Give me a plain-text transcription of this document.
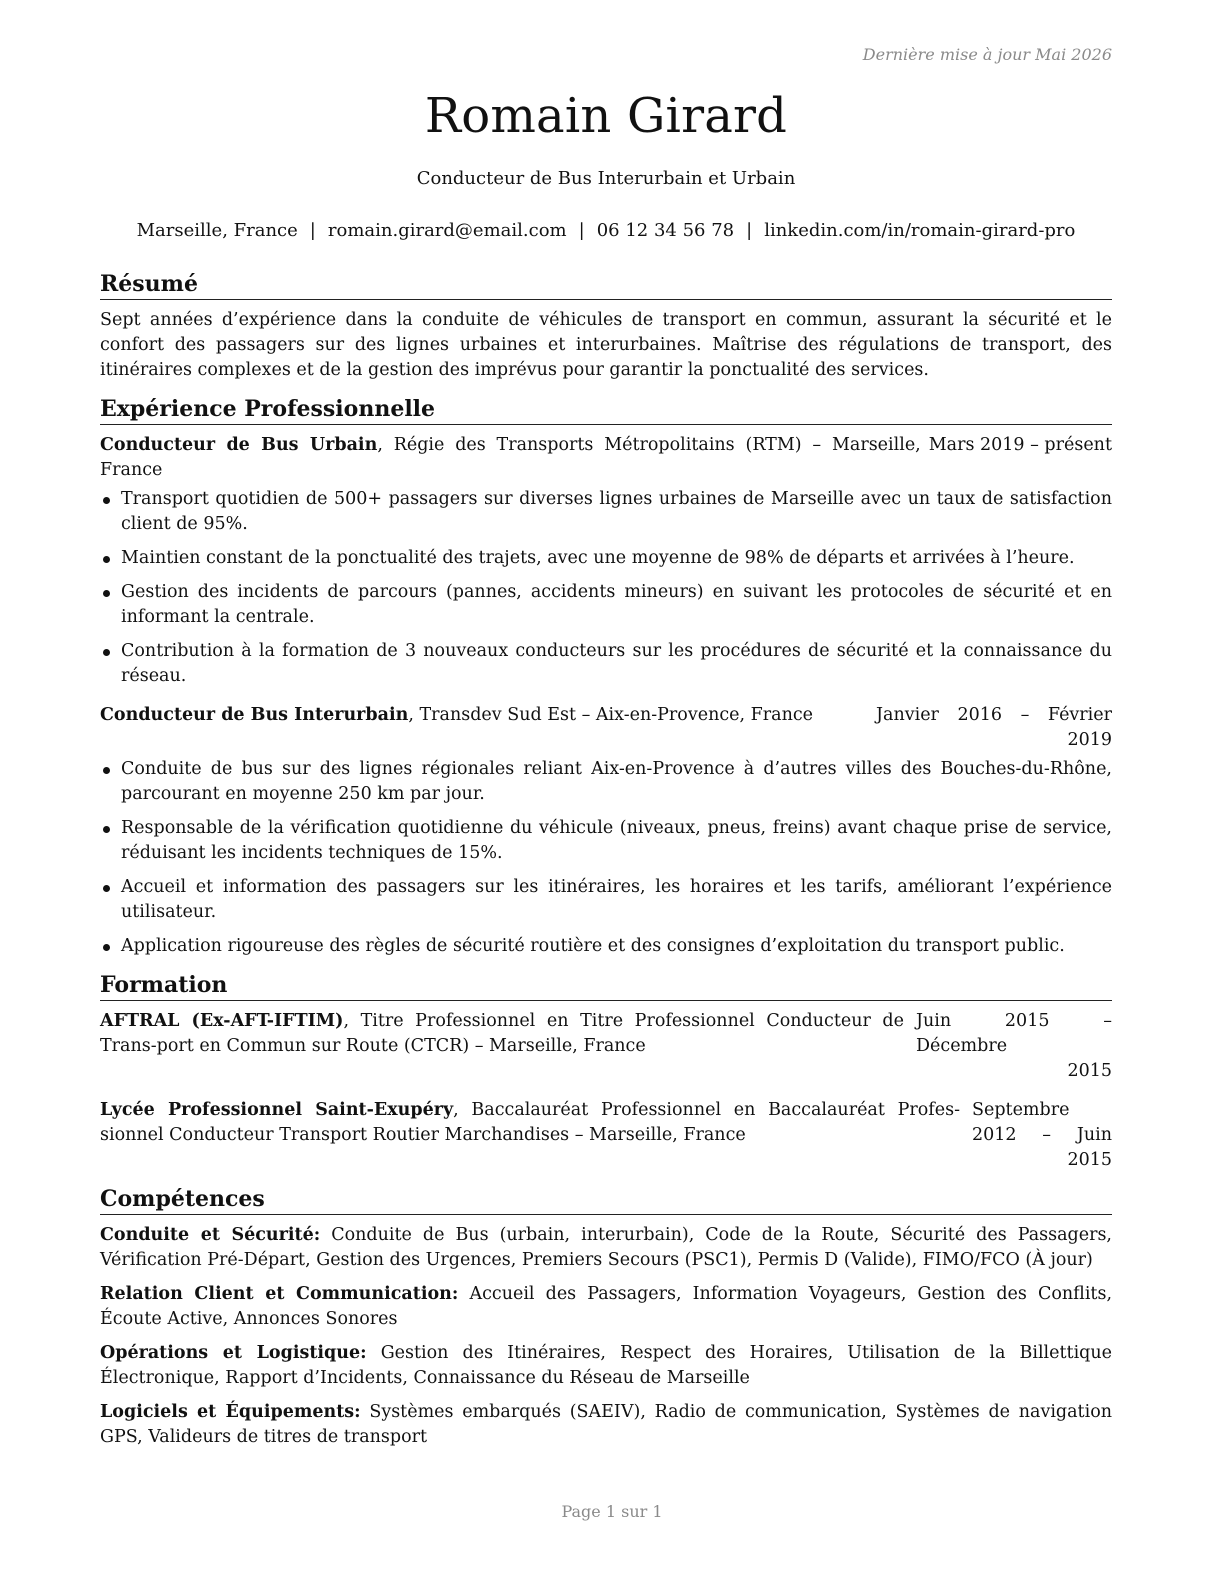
Dernière mise à jour Mai 2026
Romain Girard
Conducteur de Bus Interurbain et Urbain
Marseille, France | romain.girard@email.com | 06 12 34 56 78 | linkedin.com/in/romain-girard-pro
Résumé

Sept années d’expérience dans la conduite de véhicules de transport en commun, assurant la sécurité et le confort des passagers sur des lignes urbaines et interurbaines. Maîtrise des régulations de transport, des itinéraires complexes et de la gestion des imprévus pour garantir la ponctualité des services.

Expérience Professionnelle
Conducteur de Bus Urbain, Régie des Transports Métropolitains (RTM) – Marseille, France
Mars 2019 – présent
Transport quotidien de 500+ passagers sur diverses lignes urbaines de Marseille avec un taux de satisfaction client de 95%.
Maintien constant de la ponctualité des trajets, avec une moyenne de 98% de départs et arrivées à l’heure.
Gestion des incidents de parcours (pannes, accidents mineurs) en suivant les protocoles de sécurité et en informant la centrale.
Contribution à la formation de 3 nouveaux conducteurs sur les procédures de sécurité et la connaissance du réseau.
Conducteur de Bus Interurbain, Transdev Sud Est – Aix-en-Provence, France	Janvier 2016 – Février
2019
Conduite de bus sur des lignes régionales reliant Aix-en-Provence à d’autres villes des Bouches-du-Rhône, parcourant en moyenne 250 km par jour.
Responsable de la vérification quotidienne du véhicule (niveaux, pneus, freins) avant chaque prise de service, réduisant les incidents techniques de 15%.
Accueil et information des passagers sur les itinéraires, les horaires et les tarifs, améliorant l’expérience utilisateur.
Application rigoureuse des règles de sécurité routière et des consignes d’exploitation du transport public.
Formation
AFTRAL (Ex-AFT-IFTIM), Titre Professionnel en Titre Professionnel Conducteur de Trans-port en Commun sur Route (CTCR) – Marseille, France
Juin 2015 – Décembre
2015
Lycée Professionnel Saint-Exupéry, Baccalauréat Professionnel en Baccalauréat Profes-sionnel Conducteur Transport Routier Marchandises – Marseille, France
Septembre 2012 – Juin
2015
Compétences

Conduite et Sécurité: Conduite de Bus (urbain, interurbain), Code de la Route, Sécurité des Passagers, Vérification Pré-Départ, Gestion des Urgences, Premiers Secours (PSC1), Permis D (Valide), FIMO/FCO (À jour)

Relation Client et Communication: Accueil des Passagers, Information Voyageurs, Gestion des Conflits, Écoute Active, Annonces Sonores

Opérations et Logistique: Gestion des Itinéraires, Respect des Horaires, Utilisation de la Billettique Électronique, Rapport d’Incidents, Connaissance du Réseau de Marseille

Logiciels et Équipements: Systèmes embarqués (SAEIV), Radio de communication, Systèmes de navigation GPS, Valideurs de titres de transport

Page 1 sur 1
